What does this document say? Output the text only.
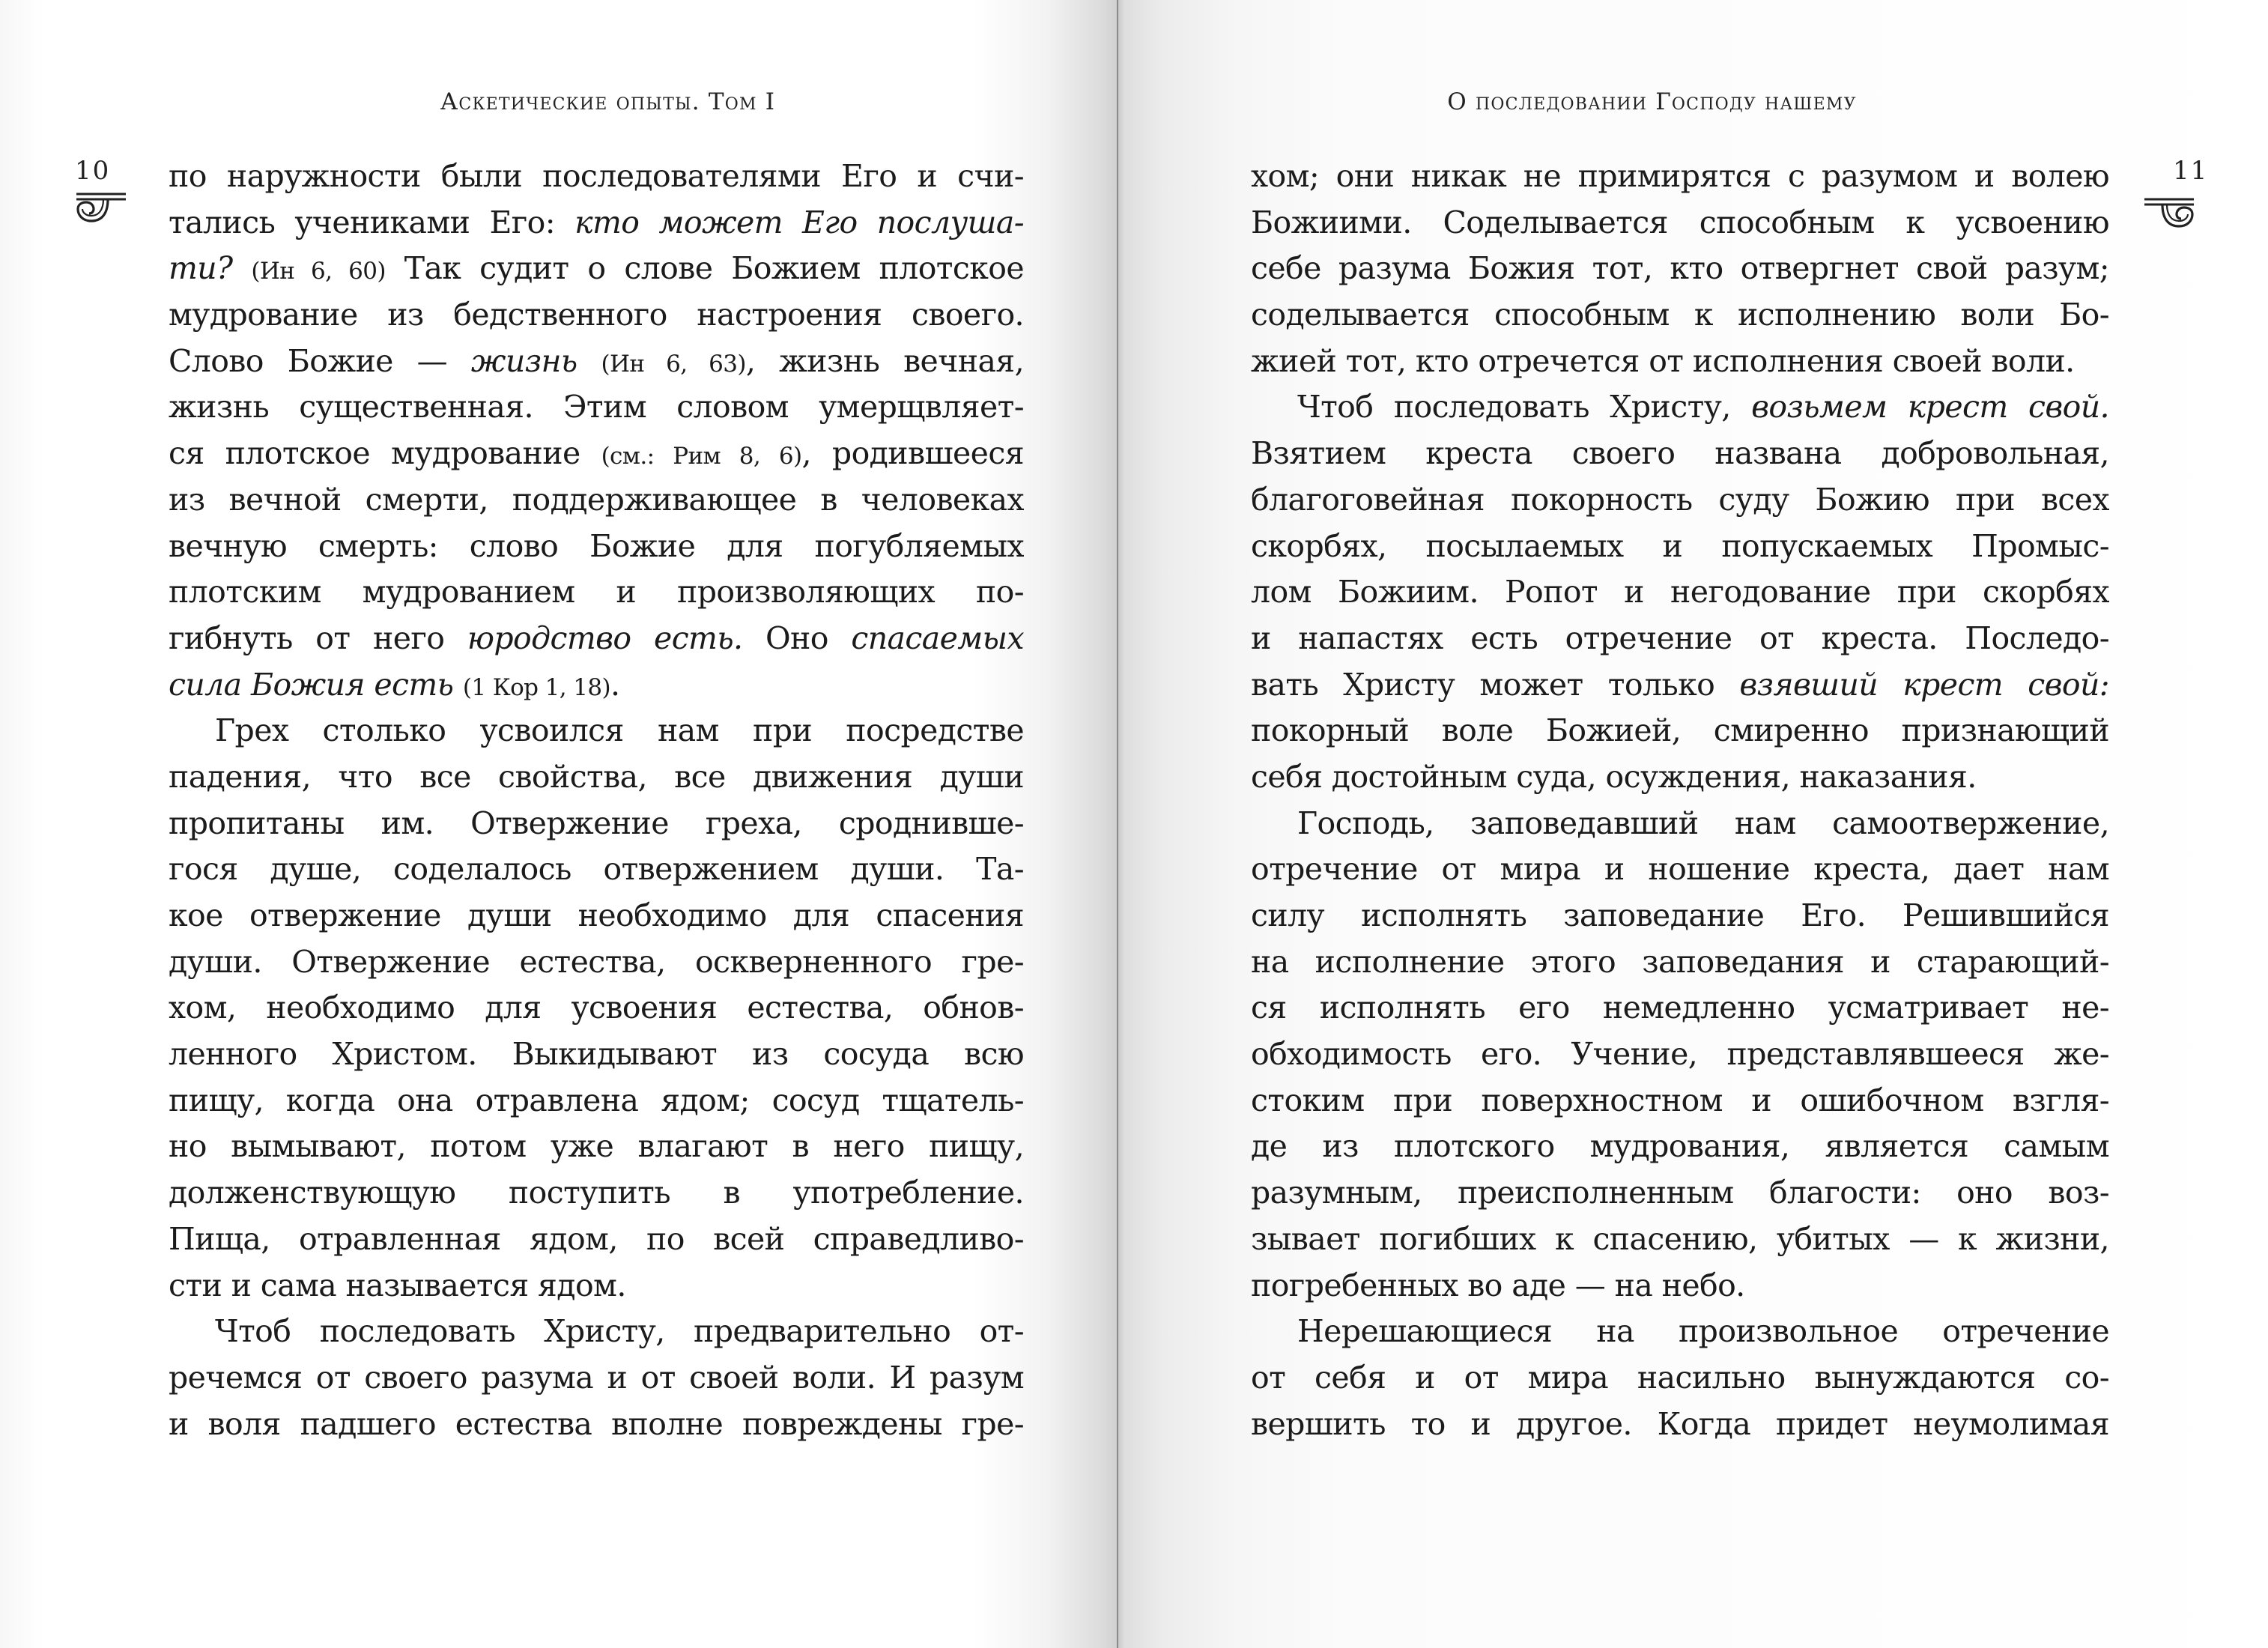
Аскетические опыты. Том I
10 по наружности были последователями Его и счи-
тались учениками Его: кто может Его послуша-
ти? (Ин 6, 60) Так судит о слове Божием плотское
мудрование из бедственного настроения своего.
Слово Божие — жизнь (Ин 6, 63), жизнь вечная,
жизнь существенная. Этим словом умерщвляет-
ся плотское мудрование (см.: Рим 8, 6), родившееся
из вечной смерти, поддерживающее в человеках
вечную смерть: слово Божие для погубляемых
плотским мудрованием и произволяющих по-
гибнуть от него юродство есть. Оно спасаемых
сила Божия есть (1 Кор 1, 18).
Грех столько усвоился нам при посредстве
падения, что все свойства, все движения души
пропитаны им. Отвержение греха, сроднивше-
гося душе, соделалось отвержением души. Та-
кое отвержение души необходимо для спасения
души. Отвержение естества, оскверненного гре-
хом, необходимо для усвоения естества, обнов-
ленного Христом. Выкидывают из сосуда всю
пищу, когда она отравлена ядом; сосуд тщатель-
но вымывают, потом уже влагают в него пищу,
долженствующую поступить в употребление.
Пища, отравленная ядом, по всей справедливо-
сти и сама называется ядом.
Чтоб последовать Христу, предварительно от-
речемся от своего разума и от своей воли. И разум
и воля падшего естества вполне повреждены гре-
О последовании Господу нашему
11
хом; они никак не примирятся с разумом и волею
Божиими. Соделывается способным к усвоению
себе разума Божия тот, кто отвергнет свой разум;
соделывается способным к исполнению воли Бо-
жией тот, кто отречется от исполнения своей воли.
Чтоб последовать Христу, возьмем крест свой.
Взятием креста своего названа добровольная,
благоговейная покорность суду Божию при всех
скорбях, посылаемых и попускаемых Промыс-
лом Божиим. Ропот и негодование при скорбях
и напастях есть отречение от креста. Последо-
вать Христу может только взявший крест свой:
покорный воле Божией, смиренно признающий
себя достойным суда, осуждения, наказания.
Господь, заповедавший нам самоотвержение,
отречение от мира и ношение креста, дает нам
силу исполнять заповедание Его. Решившийся
на исполнение этого заповедания и старающий-
ся исполнять его немедленно усматривает не-
обходимость его. Учение, представлявшееся же-
стоким при поверхностном и ошибочном взгля-
де из плотского мудрования, является самым
разумным, преисполненным благости: оно воз-
зывает погибших к спасению, убитых — к жизни,
погребенных во аде — на небо.
Нерешающиеся на произвольное отречение
от себя и от мира насильно вынуждаются со-
вершить то и другое. Когда придет неумолимая
